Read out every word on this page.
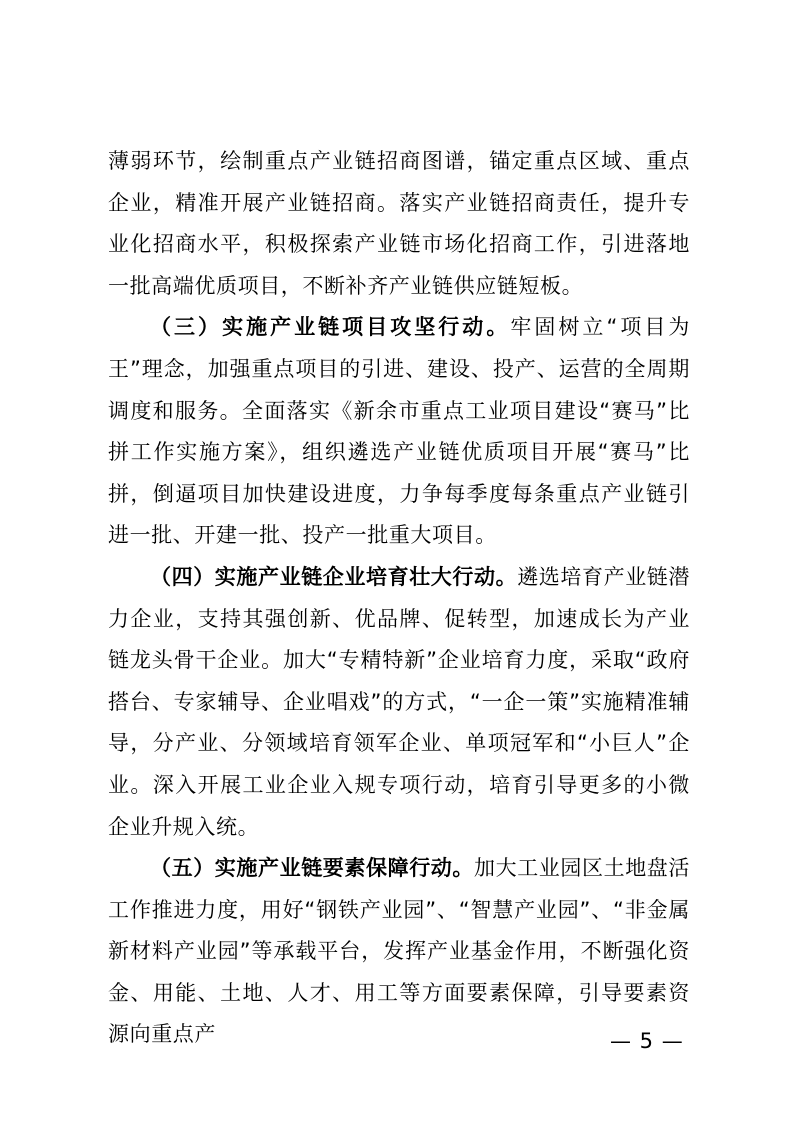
薄弱环节，绘制重点产业链招商图谱，锚定重点区域、重点企业，精准开展产业链招商。落实产业链招商责任，提升专业化招商水平，积极探索产业链市场化招商工作，引进落地一批高端优质项目，不断补齐产业链供应链短板。

（三）实施产业链项目攻坚行动。牢固树立“项目为王”理念，加强重点项目的引进、建设、投产、运营的全周期调度和服务。全面落实《新余市重点工业项目建设“赛马”比拼工作实施方案》，组织遴选产业链优质项目开展“赛马”比拼，倒逼项目加快建设进度，力争每季度每条重点产业链引进一批、开建一批、投产一批重大项目。

（四）实施产业链企业培育壮大行动。遴选培育产业链潜力企业，支持其强创新、优品牌、促转型，加速成长为产业链龙头骨干企业。加大“专精特新”企业培育力度，采取“政府搭台、专家辅导、企业唱戏”的方式，“一企一策”实施精准辅导，分产业、分领域培育领军企业、单项冠军和“小巨人”企业。深入开展工业企业入规专项行动，培育引导更多的小微企业升规入统。

（五）实施产业链要素保障行动。加大工业园区土地盘活工作推进力度，用好“钢铁产业园”、“智慧产业园”、“非金属新材料产业园”等承载平台，发挥产业基金作用，不断强化资金、用能、土地、人才、用工等方面要素保障，引导要素资源向重点产	— 5 —
